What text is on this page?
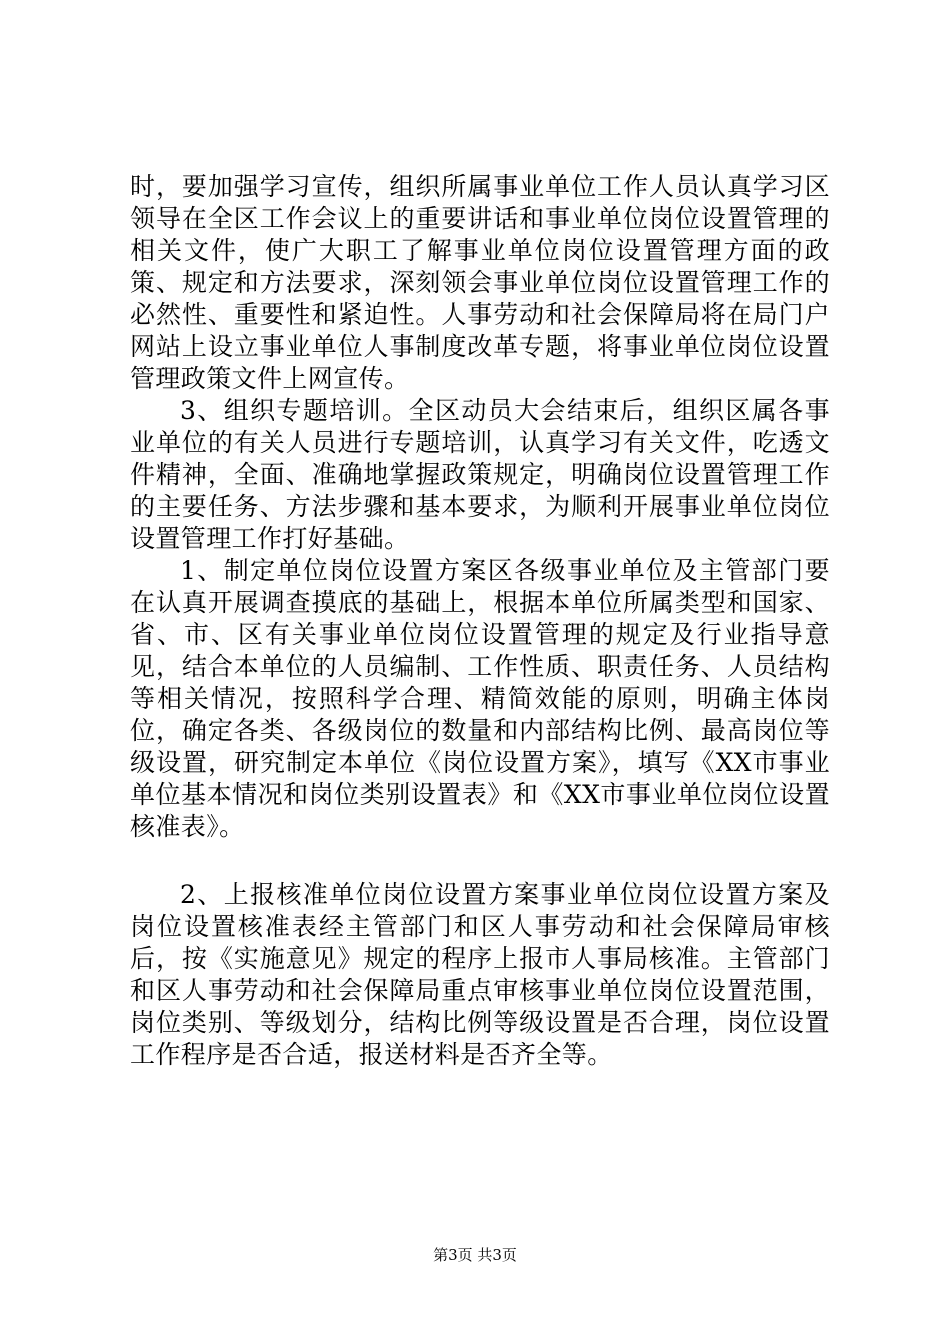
时，要加强学习宣传，组织所属事业单位工作人员认真学习区领导在全区工作会议上的重要讲话和事业单位岗位设置管理的相关文件，使广大职工了解事业单位岗位设置管理方面的政策、规定和方法要求，深刻领会事业单位岗位设置管理工作的必然性、重要性和紧迫性。人事劳动和社会保障局将在局门户网站上设立事业单位人事制度改革专题，将事业单位岗位设置管理政策文件上网宣传。

3、组织专题培训。全区动员大会结束后，组织区属各事业单位的有关人员进行专题培训，认真学习有关文件，吃透文件精神，全面、准确地掌握政策规定，明确岗位设置管理工作的主要任务、方法步骤和基本要求，为顺利开展事业单位岗位设置管理工作打好基础。

1、制定单位岗位设置方案区各级事业单位及主管部门要在认真开展调查摸底的基础上，根据本单位所属类型和国家、省、市、区有关事业单位岗位设置管理的规定及行业指导意见，结合本单位的人员编制、工作性质、职责任务、人员结构等相关情况，按照科学合理、精简效能的原则，明确主体岗位，确定各类、各级岗位的数量和内部结构比例、最高岗位等级设置，研究制定本单位《岗位设置方案》，填写《XX市事业单位基本情况和岗位类别设置表》和《XX市事业单位岗位设置核准表》。

2、上报核准单位岗位设置方案事业单位岗位设置方案及岗位设置核准表经主管部门和区人事劳动和社会保障局审核后，按《实施意见》规定的程序上报市人事局核准。主管部门和区人事劳动和社会保障局重点审核事业单位岗位设置范围，岗位类别、等级划分，结构比例等级设置是否合理，岗位设置工作程序是否合适，报送材料是否齐全等。

第3页 共3页
